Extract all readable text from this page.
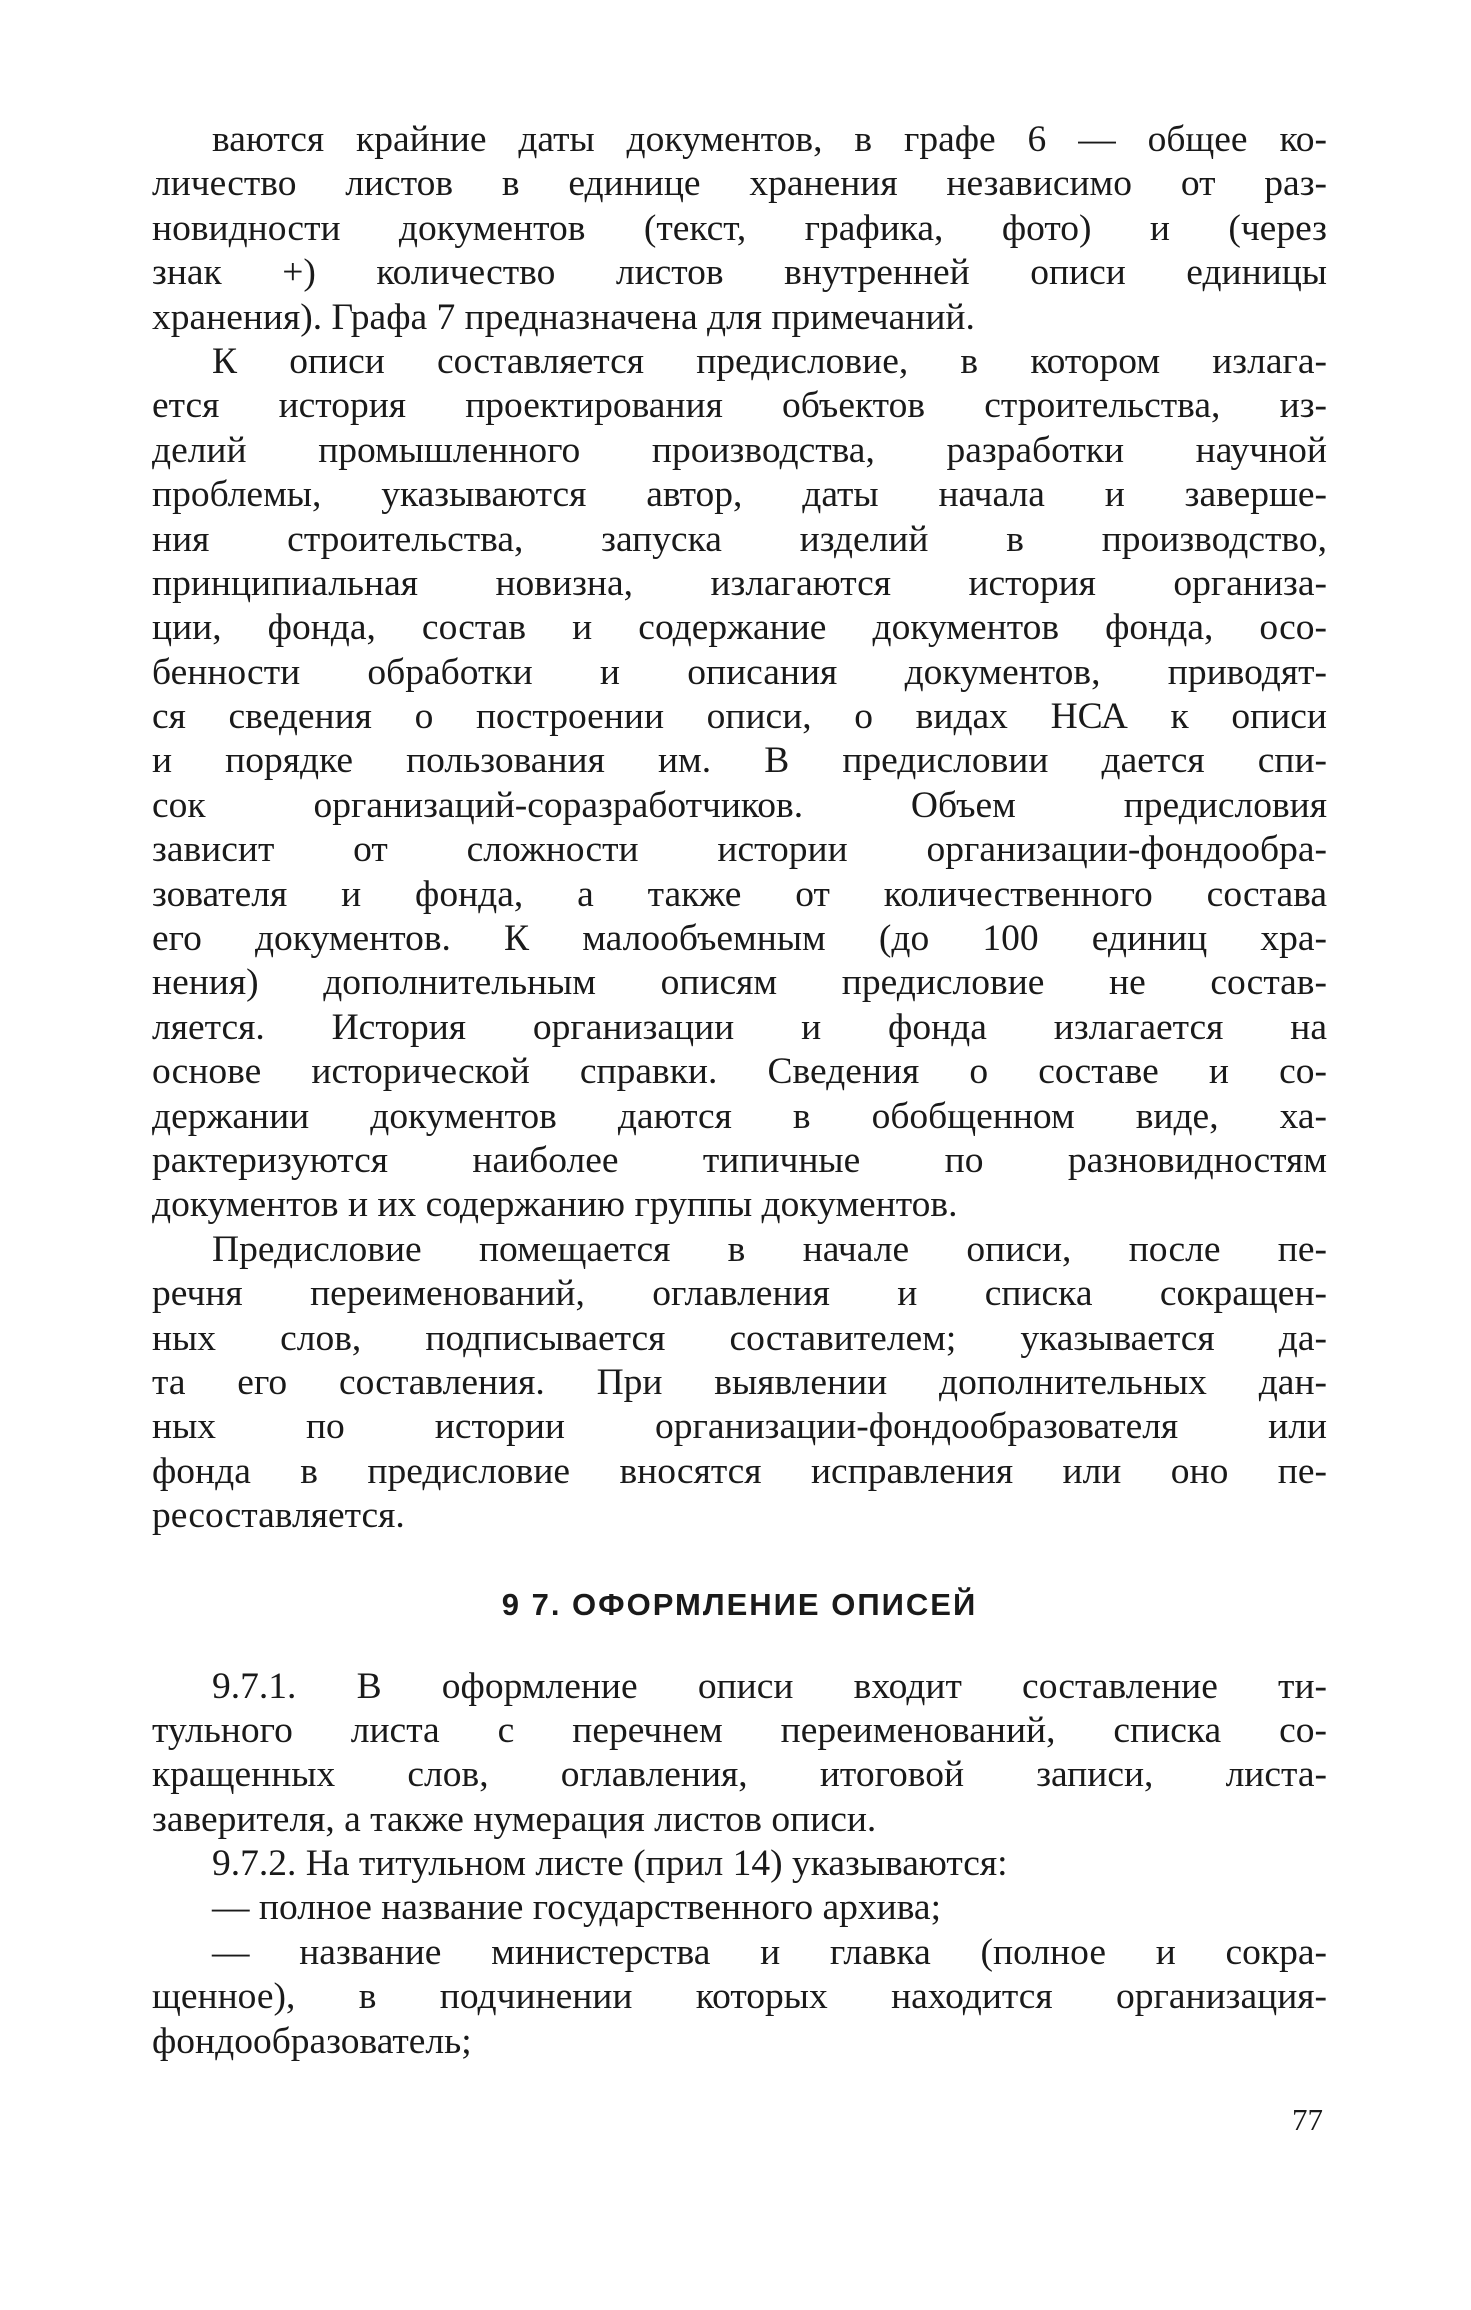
ваются крайние даты документов, в графе 6 — общее ко-
личество листов в единице хранения независимо от раз-
новидности документов (текст, графика, фото) и (через
знак +) количество листов внутренней описи единицы
хранения). Графа 7 предназначена для примечаний.
К описи составляется предисловие, в котором излага-
ется история проектирования объектов строительства, из-
делий промышленного производства, разработки научной
проблемы, указываются автор, даты начала и заверше-
ния строительства, запуска изделий в производство,
принципиальная новизна, излагаются история организа-
ции, фонда, состав и содержание документов фонда, осо-
бенности обработки и описания документов, приводят-
ся сведения о построении описи, о видах НСА к описи
и порядке пользования им. В предисловии дается спи-
сок организаций-соразработчиков. Объем предисловия
зависит от сложности истории организации-фондообра-
зователя и фонда, а также от количественного состава
его документов. К малообъемным (до 100 единиц хра-
нения) дополнительным описям предисловие не состав-
ляется. История организации и фонда излагается на
основе исторической справки. Сведения о составе и со-
держании документов даются в обобщенном виде, ха-
рактеризуются наиболее типичные по разновидностям
документов и их содержанию группы документов.
Предисловие помещается в начале описи, после пе-
речня переименований, оглавления и списка сокращен-
ных слов, подписывается составителем; указывается да-
та его составления. При выявлении дополнительных дан-
ных по истории организации-фондообразователя или
фонда в предисловие вносятся исправления или оно пе-
ресоставляется.
9 7. ОФОРМЛЕНИЕ ОПИСЕЙ
9.7.1. В оформление описи входит составление ти-
тульного листа с перечнем переименований, списка со-
кращенных слов, оглавления, итоговой записи, листа-
заверителя, а также нумерация листов описи.
9.7.2. На титульном листе (прил 14) указываются:
— полное название государственного архива;
— название министерства и главка (полное и сокра-
щенное), в подчинении которых находится организация-
фондообразователь;
77
